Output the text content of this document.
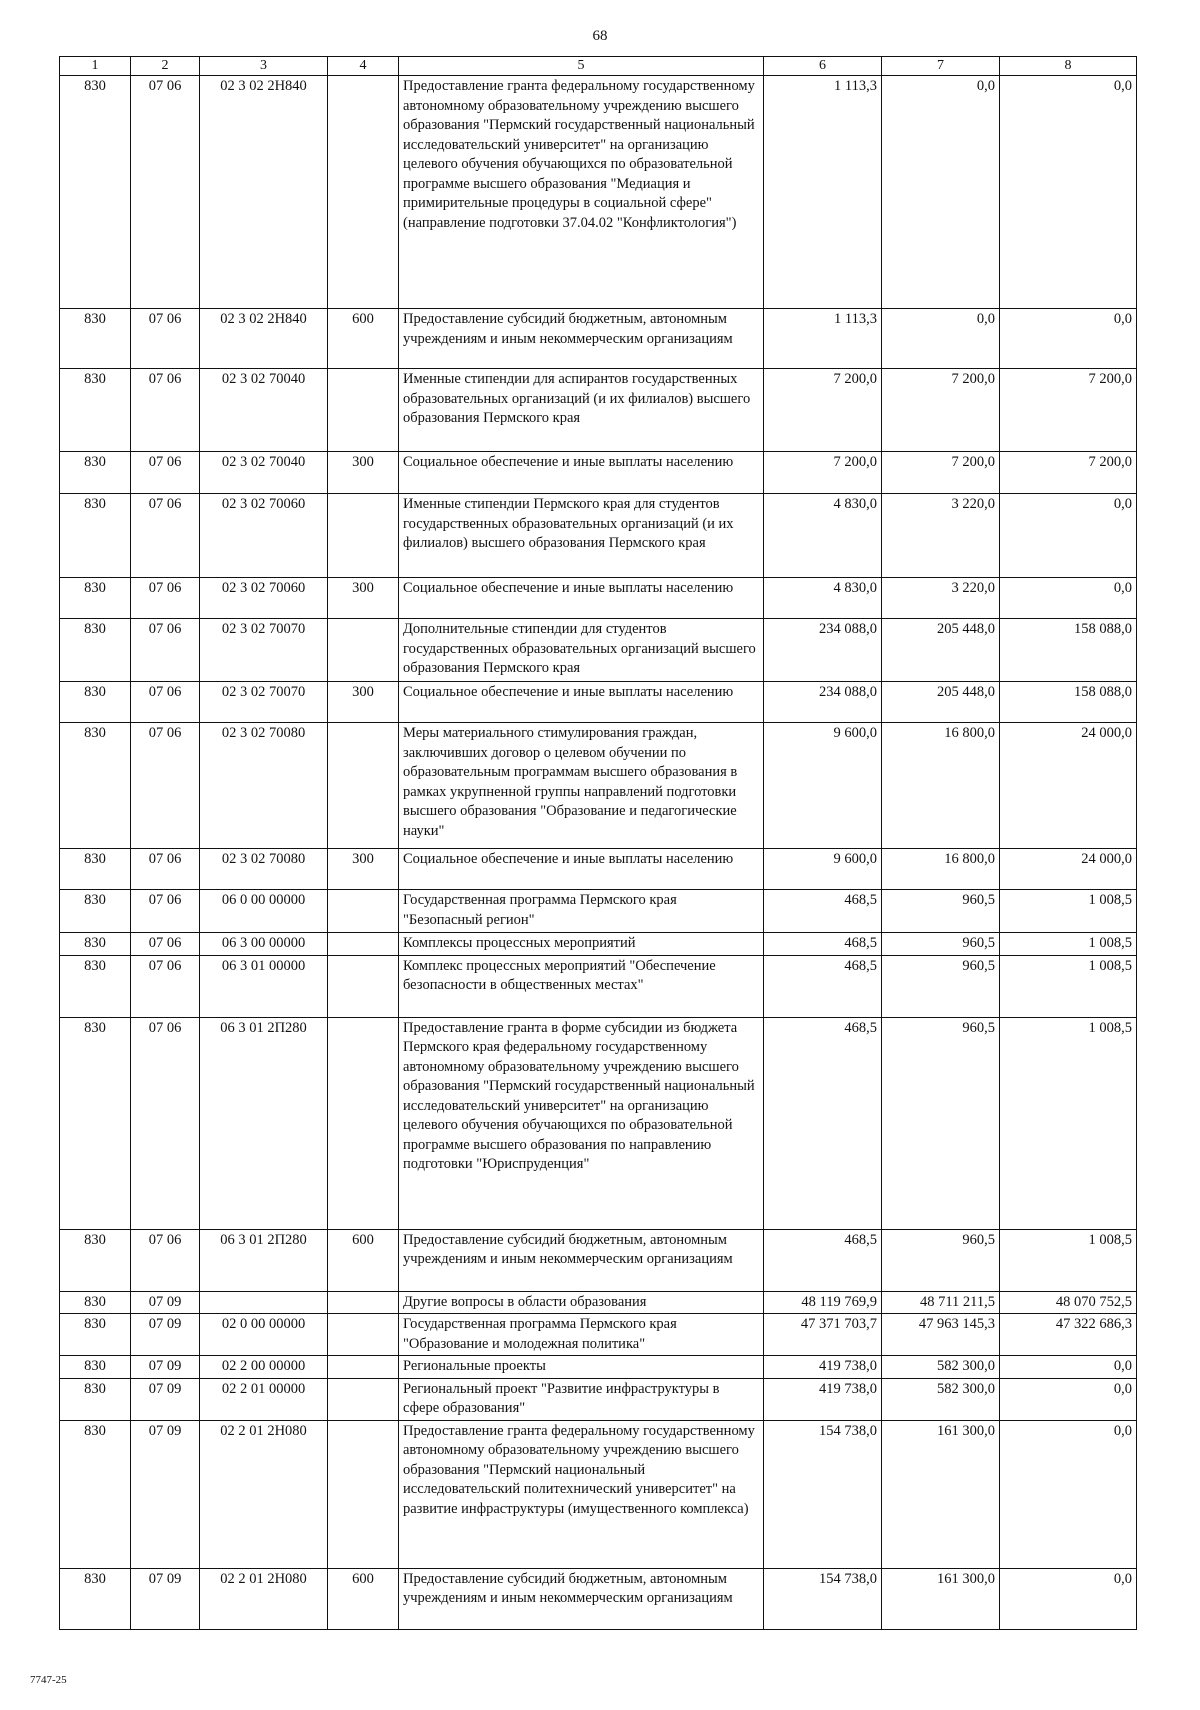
68
1	2	3	4	5	6	7	8
830	07 06	02 3 02 2Н840		Предоставление гранта федеральному государственному автономному образовательному учреждению высшего образования "Пермский государственный национальный исследовательский университет" на организацию целевого обучения обучающихся по образовательной программе высшего образования "Медиация и примирительные процедуры в социальной сфере" (направление подготовки 37.04.02 "Конфликтология")	1 113,3	0,0	0,0
830	07 06	02 3 02 2Н840	600	Предоставление субсидий бюджетным, автономным учреждениям и иным некоммерческим организациям	1 113,3	0,0	0,0
830	07 06	02 3 02 70040		Именные стипендии для аспирантов государственных образовательных организаций (и их филиалов) высшего образования Пермского края	7 200,0	7 200,0	7 200,0
830	07 06	02 3 02 70040	300	Социальное обеспечение и иные выплаты населению	7 200,0	7 200,0	7 200,0
830	07 06	02 3 02 70060		Именные стипендии Пермского края для студентов государственных образовательных организаций (и их филиалов) высшего образования Пермского края	4 830,0	3 220,0	0,0
830	07 06	02 3 02 70060	300	Социальное обеспечение и иные выплаты населению	4 830,0	3 220,0	0,0
830	07 06	02 3 02 70070		Дополнительные стипендии для студентов государственных образовательных организаций высшего образования Пермского края	234 088,0	205 448,0	158 088,0
830	07 06	02 3 02 70070	300	Социальное обеспечение и иные выплаты населению	234 088,0	205 448,0	158 088,0
830	07 06	02 3 02 70080		Меры материального стимулирования граждан, заключивших договор о целевом обучении по образовательным программам высшего образования в рамках укрупненной группы направлений подготовки высшего образования "Образование и педагогические науки"	9 600,0	16 800,0	24 000,0
830	07 06	02 3 02 70080	300	Социальное обеспечение и иные выплаты населению	9 600,0	16 800,0	24 000,0
830	07 06	06 0 00 00000		Государственная программа Пермского края "Безопасный регион"	468,5	960,5	1 008,5
830	07 06	06 3 00 00000		Комплексы процессных мероприятий	468,5	960,5	1 008,5
830	07 06	06 3 01 00000		Комплекс процессных мероприятий "Обеспечение безопасности в общественных местах"	468,5	960,5	1 008,5
830	07 06	06 3 01 2П280		Предоставление гранта в форме субсидии из бюджета Пермского края федеральному государственному автономному образовательному учреждению высшего образования "Пермский государственный национальный исследовательский университет" на организацию целевого обучения обучающихся по образовательной программе высшего образования по направлению подготовки "Юриспруденция"	468,5	960,5	1 008,5
830	07 06	06 3 01 2П280	600	Предоставление субсидий бюджетным, автономным учреждениям и иным некоммерческим организациям	468,5	960,5	1 008,5
830	07 09			Другие вопросы в области образования	48 119 769,9	48 711 211,5	48 070 752,5
830	07 09	02 0 00 00000		Государственная программа Пермского края "Образование и молодежная политика"	47 371 703,7	47 963 145,3	47 322 686,3
830	07 09	02 2 00 00000		Региональные проекты	419 738,0	582 300,0	0,0
830	07 09	02 2 01 00000		Региональный проект "Развитие инфраструктуры в сфере образования"	419 738,0	582 300,0	0,0
830	07 09	02 2 01 2Н080		Предоставление гранта федеральному государственному автономному образовательному учреждению высшего образования "Пермский национальный исследовательский политехнический университет" на развитие инфраструктуры (имущественного комплекса)	154 738,0	161 300,0	0,0
830	07 09	02 2 01 2Н080	600	Предоставление субсидий бюджетным, автономным учреждениям и иным некоммерческим организациям	154 738,0	161 300,0	0,0
7747-25
